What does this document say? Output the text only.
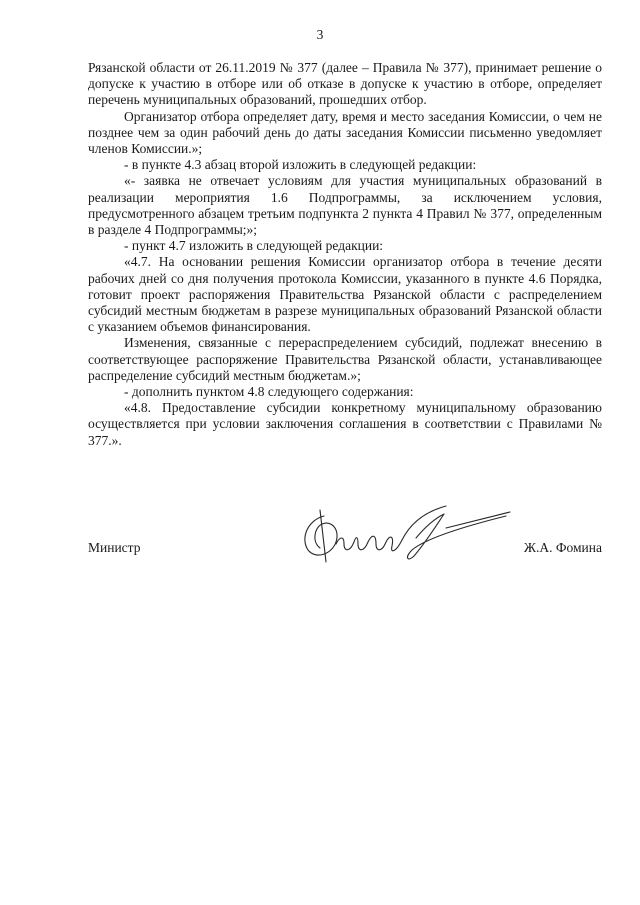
3

Рязанской области от 26.11.2019 № 377 (далее – Правила № 377), принимает решение о допуске к участию в отборе или об отказе в допуске к участию в отборе, определяет перечень муниципальных образований, прошедших отбор.

Организатор отбора определяет дату, время и место заседания Комиссии, о чем не позднее чем за один рабочий день до даты заседания Комиссии письменно уведомляет членов Комиссии.»;

- в пункте 4.3 абзац второй изложить в следующей редакции:

«- заявка не отвечает условиям для участия муниципальных образований в реализации мероприятия 1.6 Подпрограммы, за исключением условия, предусмотренного абзацем третьим подпункта 2 пункта 4 Правил № 377, определенным в разделе 4 Подпрограммы;»;

- пункт 4.7 изложить в следующей редакции:

«4.7. На основании решения Комиссии организатор отбора в течение десяти рабочих дней со дня получения протокола Комиссии, указанного в пункте 4.6 Порядка, готовит проект распоряжения Правительства Рязанской области с распределением субсидий местным бюджетам в разрезе муниципальных образований Рязанской области с указанием объемов финансирования.

Изменения, связанные с перераспределением субсидий, подлежат внесению в соответствующее распоряжение Правительства Рязанской области, устанавливающее распределение субсидий местным бюджетам.»;

- дополнить пунктом 4.8 следующего содержания:

«4.8. Предоставление субсидии конкретному муниципальному образованию осуществляется при условии заключения соглашения в соответствии с Правилами № 377.».

Министр	Ж.А. Фомина
